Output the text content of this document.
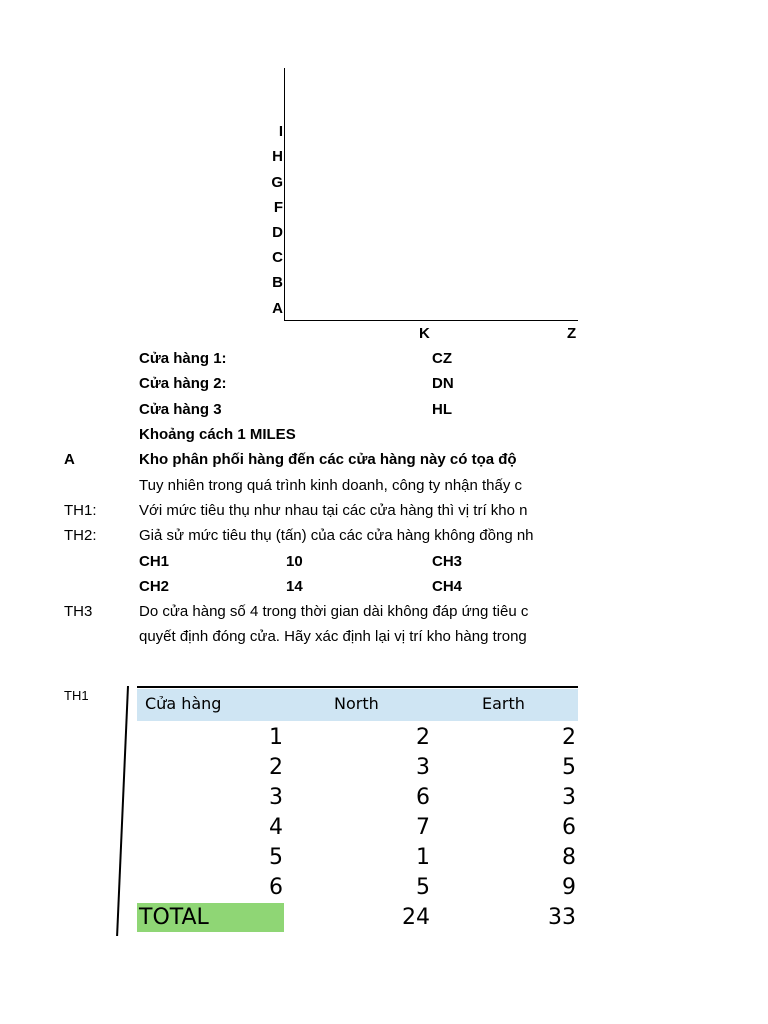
I
H
G
F
D
C
B
A
K	Z
Cửa hàng 1:	CZ
Cửa hàng 2:	DN
Cửa hàng 3	HL
Khoảng cách 1 MILES
A	Kho phân phối hàng đến các cửa hàng này có tọa độ
Tuy nhiên trong quá trình kinh doanh, công ty nhận thấy c
TH1:	Với mức tiêu thụ như nhau tại các cửa hàng thì vị trí kho n
TH2:	Giả sử mức tiêu thụ (tấn) của các cửa hàng không đồng nh
CH1	10	CH3
CH2	14	CH4
TH3	Do cửa hàng số 4 trong thời gian dài không đáp ứng tiêu c
quyết định đóng cửa. Hãy xác định lại vị trí kho hàng trong
TH1	Cửa hàng	North	Earth
1	2	2
2	3	5
3	6	3
4	7	6
5	1	8
6	5	9
TOTAL	24	33
